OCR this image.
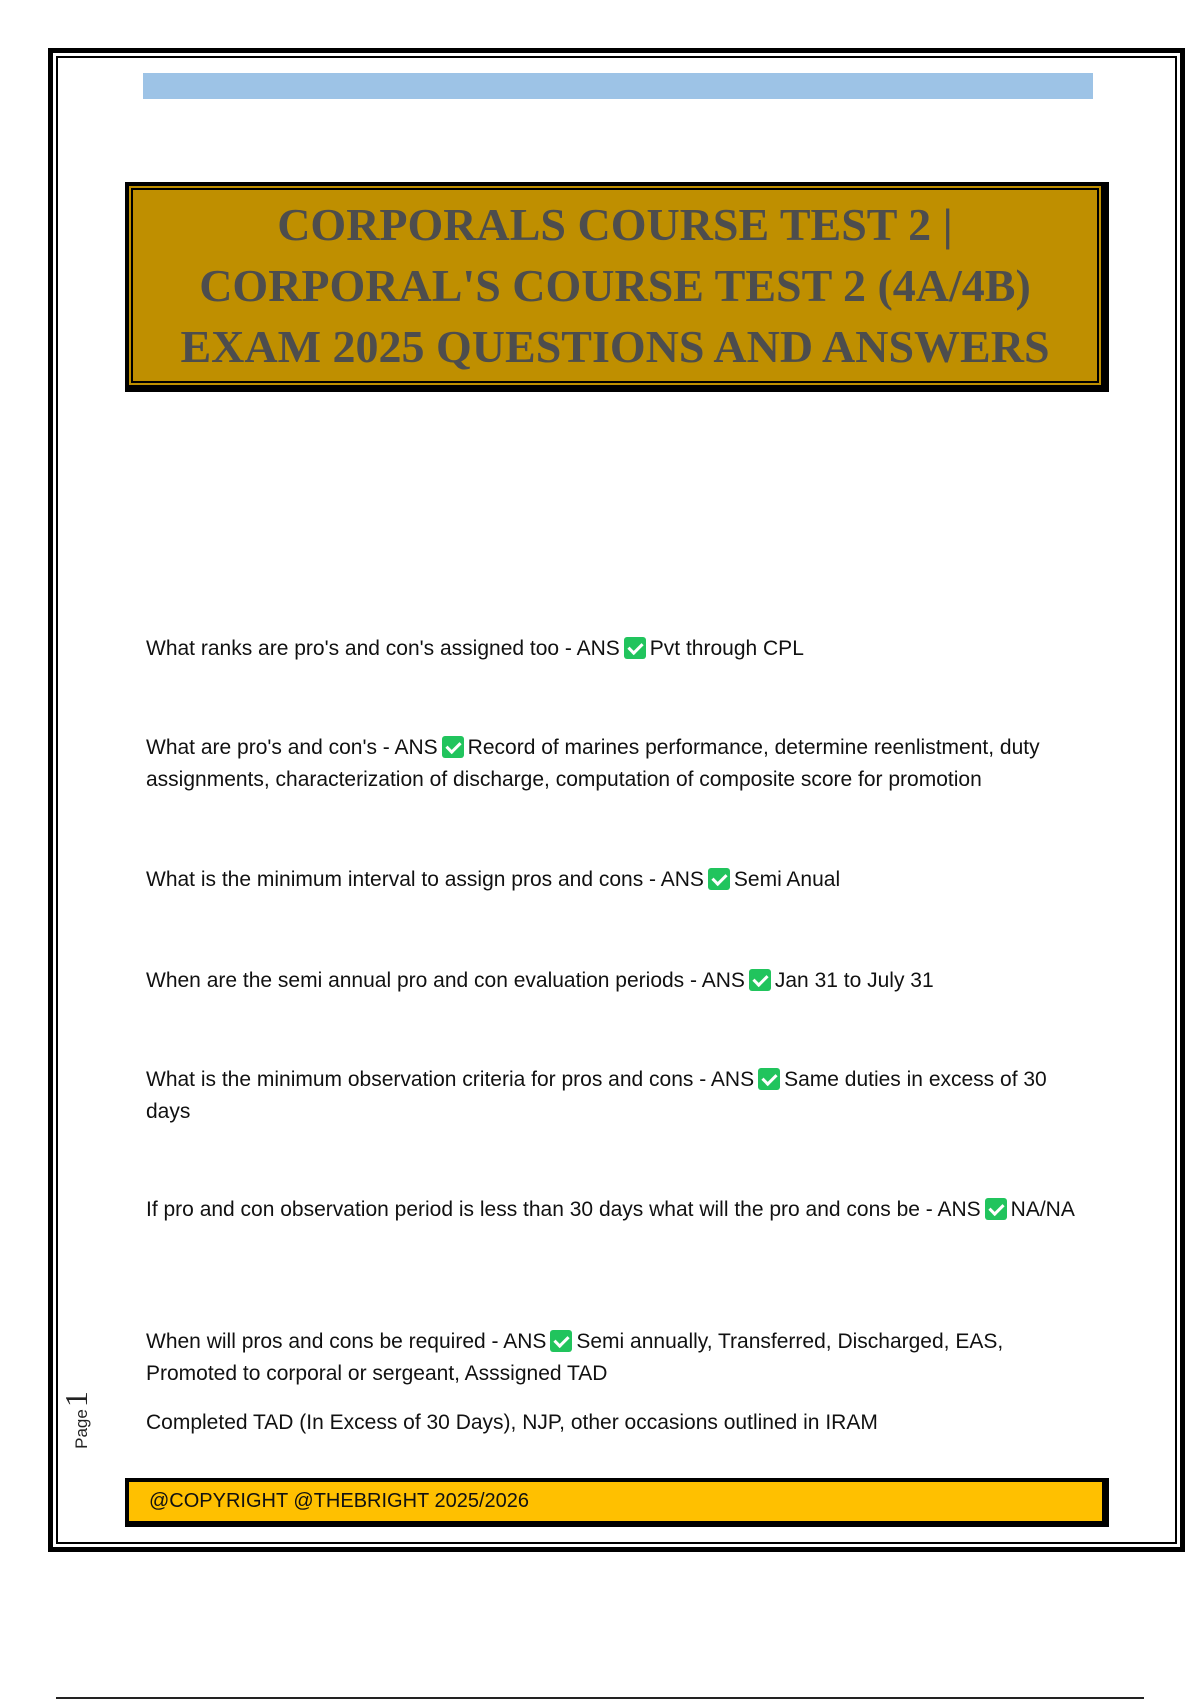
CORPORALS COURSE TEST 2 | CORPORAL'S COURSE TEST 2 (4A/4B) EXAM 2025 QUESTIONS AND ANSWERS

What ranks are pro's and con's assigned too - ANS Pvt through CPL

What are pro's and con's - ANS Record of marines performance, determine reenlistment, duty assignments, characterization of discharge, computation of composite score for promotion

What is the minimum interval to assign pros and cons - ANS Semi Anual

When are the semi annual pro and con evaluation periods - ANS Jan 31 to July 31

What is the minimum observation criteria for pros and cons - ANS Same duties in excess of 30 days

If pro and con observation period is less than 30 days what will the pro and cons be - ANS NA/NA

When will pros and cons be required - ANS Semi annually, Transferred, Discharged, EAS, Promoted to corporal or sergeant, Asssigned TAD

Completed TAD (In Excess of 30 Days), NJP, other occasions outlined in IRAM

@COPYRIGHT @THEBRIGHT 2025/2026
Page
1
